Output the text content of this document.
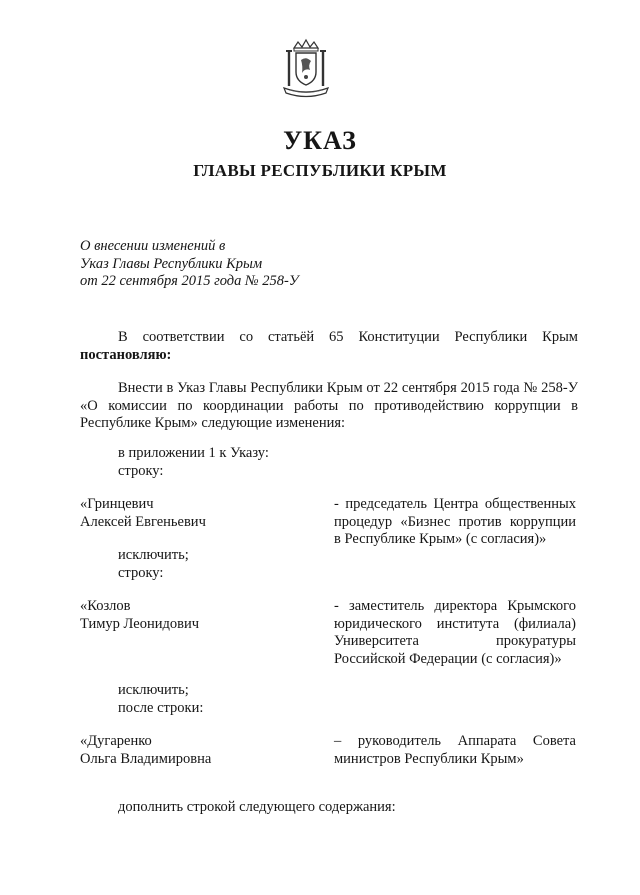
УКАЗ
ГЛАВЫ РЕСПУБЛИКИ КРЫМ
О внесении изменений в
Указ Главы Республики Крым
от 22 сентября 2015 года № 258-У
В соответствии со статьёй 65 Конституции Республики Крым
постановляю:
Внести в Указ Главы Республики Крым от 22 сентября 2015 года № 258-У «О комиссии по координации работы по противодействию коррупции в Республике Крым» следующие изменения:
в приложении 1 к Указу:
строку:
«Гринцевич
Алексей Евгеньевич
- председатель Центра общественных
процедур «Бизнес против коррупции
в Республике Крым» (с согласия)»
исключить;
строку:
«Козлов
Тимур Леонидович
- заместитель директора Крымского
юридического института (филиала)
Университета прокуратуры
Российской Федерации (с согласия)»
исключить;
после строки:
«Дугаренко
Ольга Владимировна
– руководитель Аппарата Совета
министров Республики Крым»
дополнить строкой следующего содержания:
